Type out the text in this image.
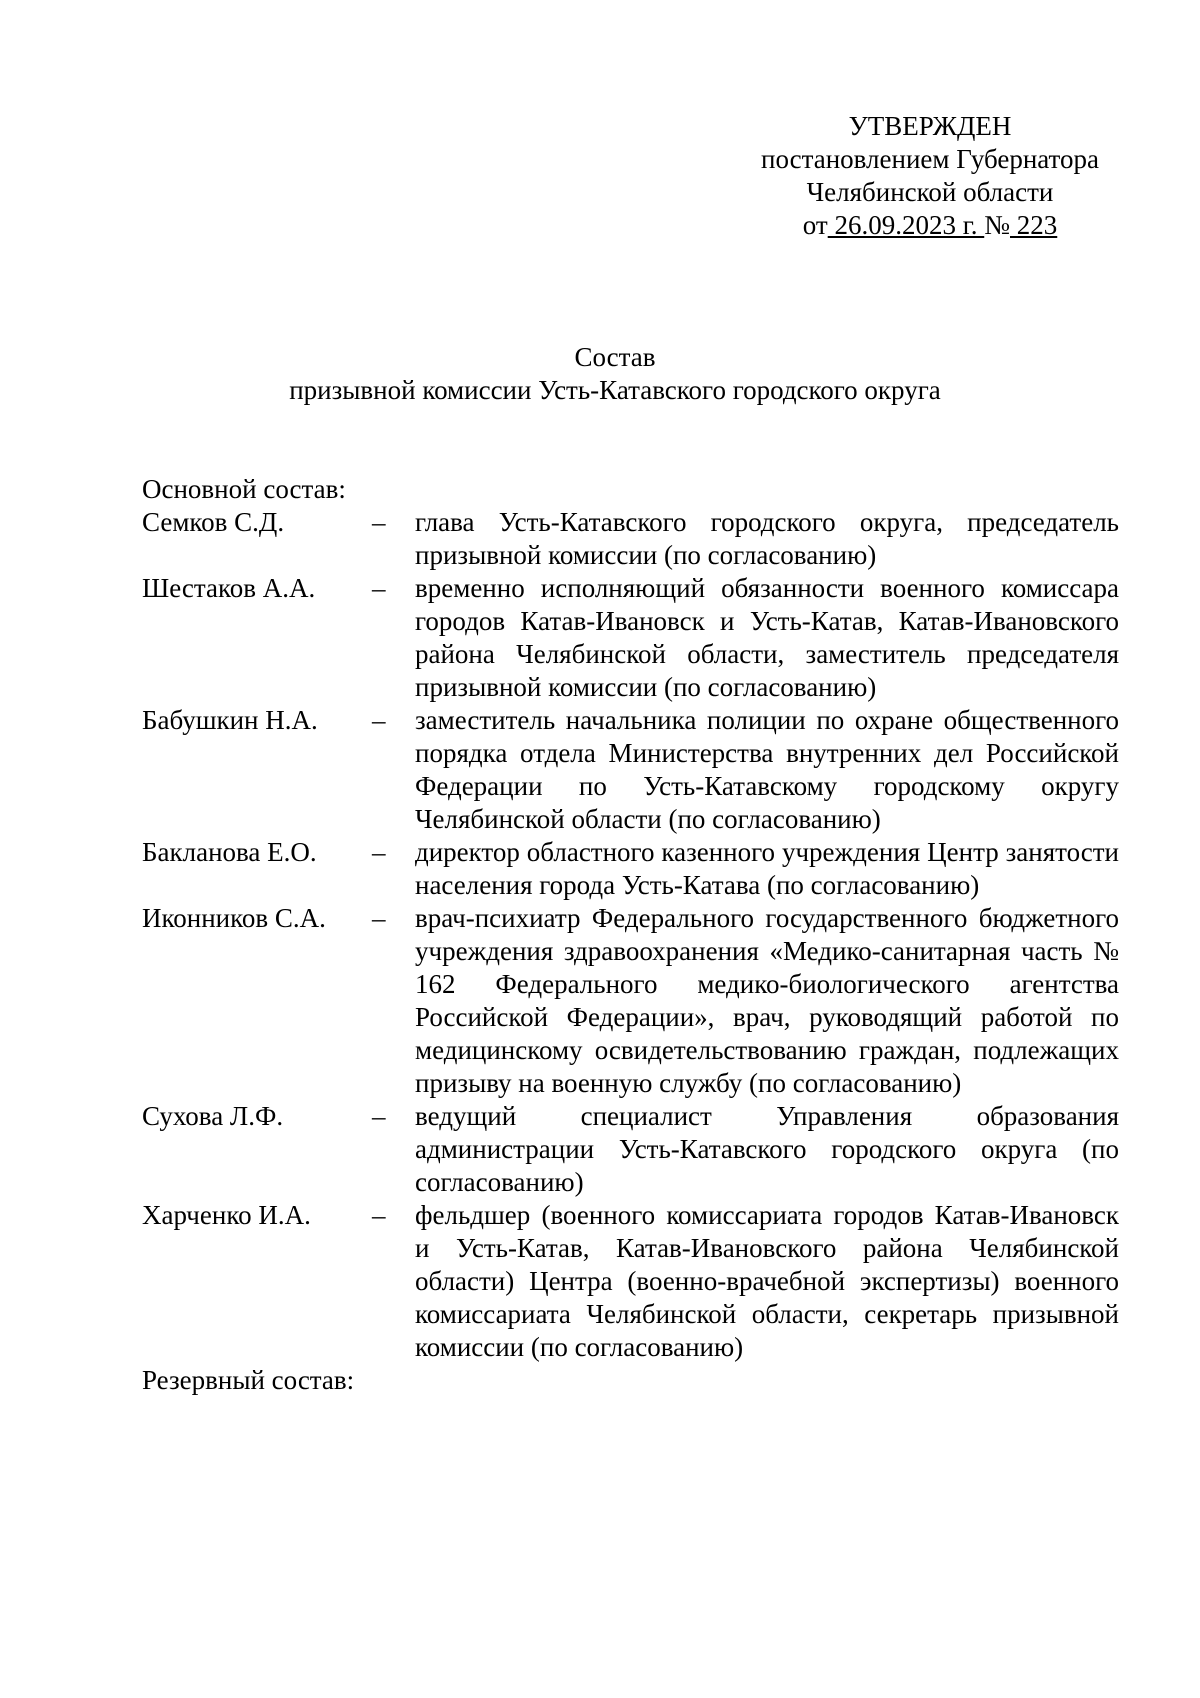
УТВЕРЖДЕН
постановлением Губернатора
Челябинской области
от 26.09.2023 г. № 223
Состав
призывной комиссии Усть-Катавского городского округа
Основной состав:
Семков С.Д.	–	глава Усть-Катавского городского округа, председатель призывной комиссии (по согласованию)
Шестаков А.А.	–	временно исполняющий обязанности военного комиссара городов Катав-Ивановск и Усть-Катав, Катав-Ивановского района Челябинской области, заместитель председателя призывной комиссии (по согласованию)
Бабушкин Н.А.	–	заместитель начальника полиции по охране общественного порядка отдела Министерства внутренних дел Российской Федерации по Усть-Катавскому городскому округу Челябинской области (по согласованию)
Бакланова Е.О.	–	директор областного казенного учреждения Центр занятости населения города Усть-Катава (по согласованию)
Иконников С.А.	–	врач-психиатр Федерального государственного бюджетного учреждения здравоохранения «Медико-санитарная часть № 162 Федерального медико-биологического агентства Российской Федерации», врач, руководящий работой по медицинскому освидетельствованию граждан, подлежащих призыву на военную службу (по согласованию)
Сухова Л.Ф.	–	ведущий специалист Управления образования администрации Усть-Катавского городского округа (по согласованию)
Харченко И.А.	–	фельдшер (военного комиссариата городов Катав-Ивановск и Усть-Катав, Катав-Ивановского района Челябинской области) Центра (военно-врачебной экспертизы) военного комиссариата Челябинской области, секретарь призывной комиссии (по согласованию)
Резервный состав:
